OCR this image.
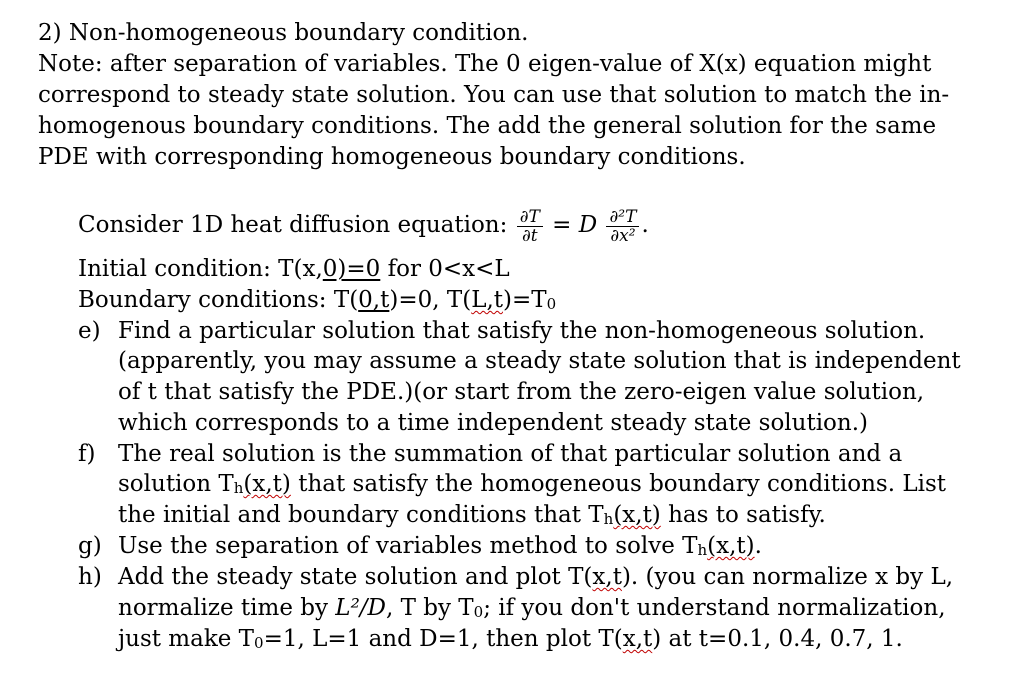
2) Non-homogeneous boundary condition.
Note: after separation of variables. The 0 eigen-value of X(x) equation might
correspond to steady state solution. You can use that solution to match the in-
homogenous boundary conditions. The add the general solution for the same
PDE with corresponding homogeneous boundary conditions.
Consider 1D heat diffusion equation: $\frac{\partial T}{\partial t} = D \frac{\text{∂²T}}{\text{∂x²}}$ .
Initial condition: T(x,0)=0 for 0<x<L
Boundary conditions: T(0,t)=0, T(L,t)=T0
e) Find a particular solution that satisfy the non-homogeneous solution.
(apparently, you may assume a steady state solution that is independent
of t that satisfy the PDE.)(or start from the zero-eigen value solution,
which corresponds to a time independent steady state solution.)
f) The real solution is the summation of that particular solution and a
solution Th(x,t) that satisfy the homogeneous boundary conditions. List
the initial and boundary conditions that Th(x,t) has to satisfy.
g) Use the separation of variables method to solve Th(x,t).
h) Add the steady state solution and plot T(x,t). (you can normalize x by L,
normalize time by L²/D, T by T0; if you don't understand normalization,
just make T0=1, L=1 and D=1, then plot T(x,t) at t=0.1, 0.4, 0.7, 1.
